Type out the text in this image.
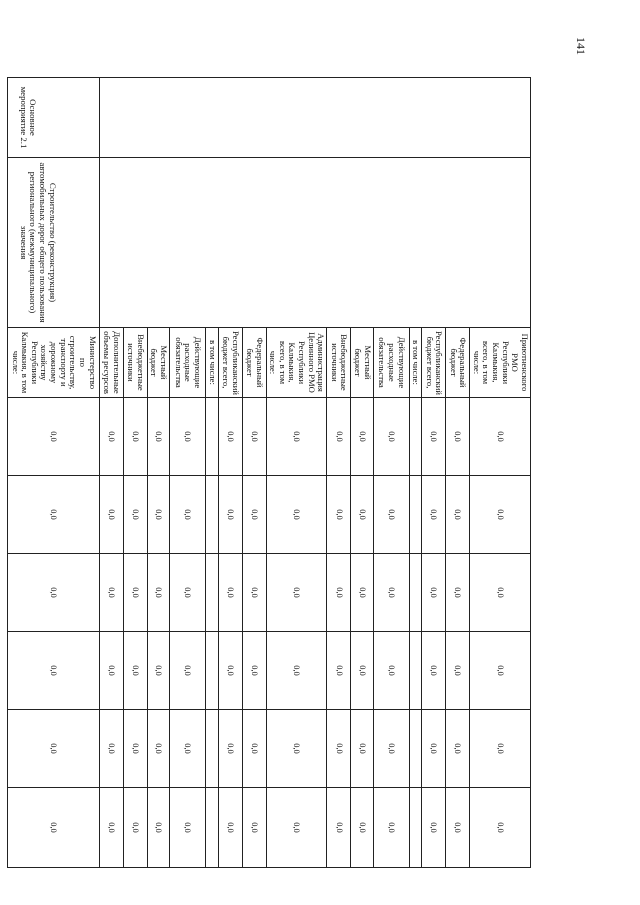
141
		Приютненского РМО Республики Калмыкия, всего, в том числе:	0,0	0,0	0,0	0,0	0,0	0,0
		Федеральный бюджет	0,0	0,0	0,0	0,0	0,0	0,0
		Республиканский бюджет всего,	0,0	0,0	0,0	0,0	0,0	0,0
		в том числе:						
		Действующие расходные обязательства	0,0	0,0	0,0	0,0	0,0	0,0
		Местный бюджет	0,0	0,0	0,0	0,0	0,0	0,0
		Внебюджетные источники	0,0	0,0	0,0	0,0	0,0	0,0
		Администрация Целинного РМО Республики Калмыкия, всего, в том числе:	0,0	0,0	0,0	0,0	0,0	0,0
		Федеральный бюджет	0,0	0,0	0,0	0,0	0,0	0,0
		Республиканский бюджет всего,	0,0	0,0	0,0	0,0	0,0	0,0
		в том числе:						
		Действующие расходные обязательства	0,0	0,0	0,0	0,0	0,0	0,0
		Местный бюджет	0,0	0,0	0,0	0,0	0,0	0,0
		Внебюджетные источники	0,0	0,0	0,0	0,0	0,0	0,0
		Дополнительные объемы ресурсов	0,0	0,0	0,0	0,0	0,0	0,0
Основное мероприятие 2.1	Строительство (реконструкция) автомобильных дорог общего пользования регионального (межмуниципального) значения	Министерство по строительству, транспорту и дорожному хозяйству Республики Калмыкия, в том числе:	0,0	0,0	0,0	0,0	0,0	0,0
